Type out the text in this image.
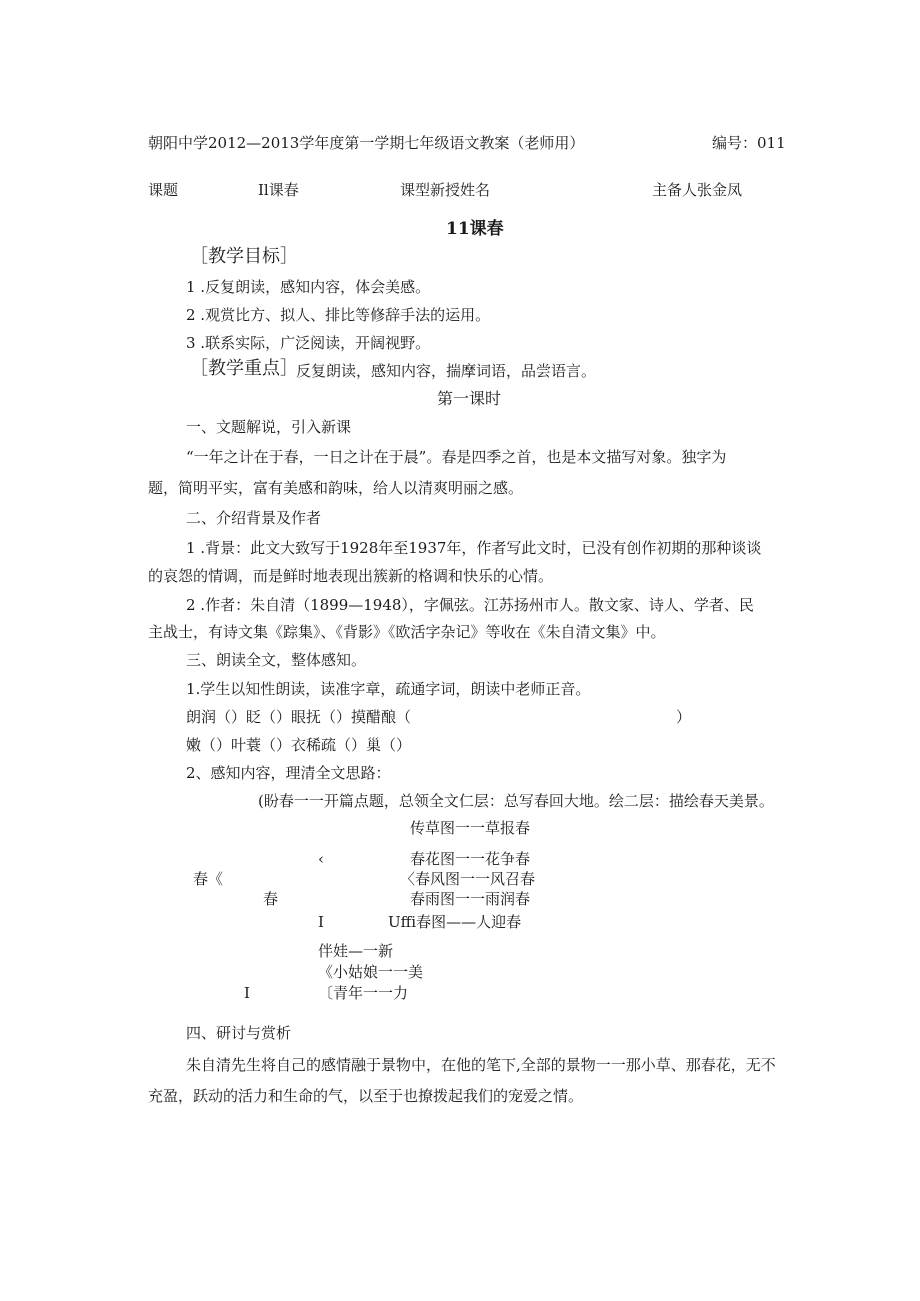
朝阳中学2012—2013学年度第一学期七年级语文教案（老师用）	编号：011
课题	Il课春	课型新授姓名	主备人张金凤
11课春
［教学目标］
1 .反复朗读，感知内容，体会美感。
2 .观赏比方、拟人、排比等修辞手法的运用。
3 .联系实际，广泛阅读，开阔视野。
［教学重点］
反复朗读，感知内容，揣摩词语，品尝语言。
第一课时
一、文题解说，引入新课
“一年之计在于春，一日之计在于晨”。春是四季之首，也是本文描写对象。独字为
题，简明平实，富有美感和韵味，给人以清爽明丽之感。
二、介绍背景及作者
1 .背景：此文大致写于1928年至1937年，作者写此文时，已没有创作初期的那种谈谈
的哀怨的情调，而是鲜时地表现出簇新的格调和快乐的心情。
2 .作者：朱自清（1899—1948），字佩弦。江苏扬州市人。散文家、诗人、学者、民
主战士，有诗文集《踪集》、《背影》《欧活字杂记》等收在《朱自清文集》中。
三、朗读全文，整体感知。
1.学生以知性朗读，读准字章，疏通字词，朗读中老师正音。
朗润（）眨（）眼抚（）摸醋酿（	）
嫩（）叶蓑（）衣稀疏（）巢（）
2、感知内容，理清全文思路：
(盼春一一开篇点题，总领全文仁层：总写春回大地。绘二层：描绘春天美景。
传草图一一草报春
‹	春花图一一花争春
春《	〈春风图一一风召春
春	春雨图一一雨润春
I	Uffi春图——人迎春
伴娃—一新
《小姑娘一一美
I	〔青年一一力
四、研讨与赏析
朱自清先生将自己的感情融于景物中，在他的笔下,全部的景物一一那小草、那春花，无不
充盈，跃动的活力和生命的气，以至于也撩拨起我们的宠爱之情。
